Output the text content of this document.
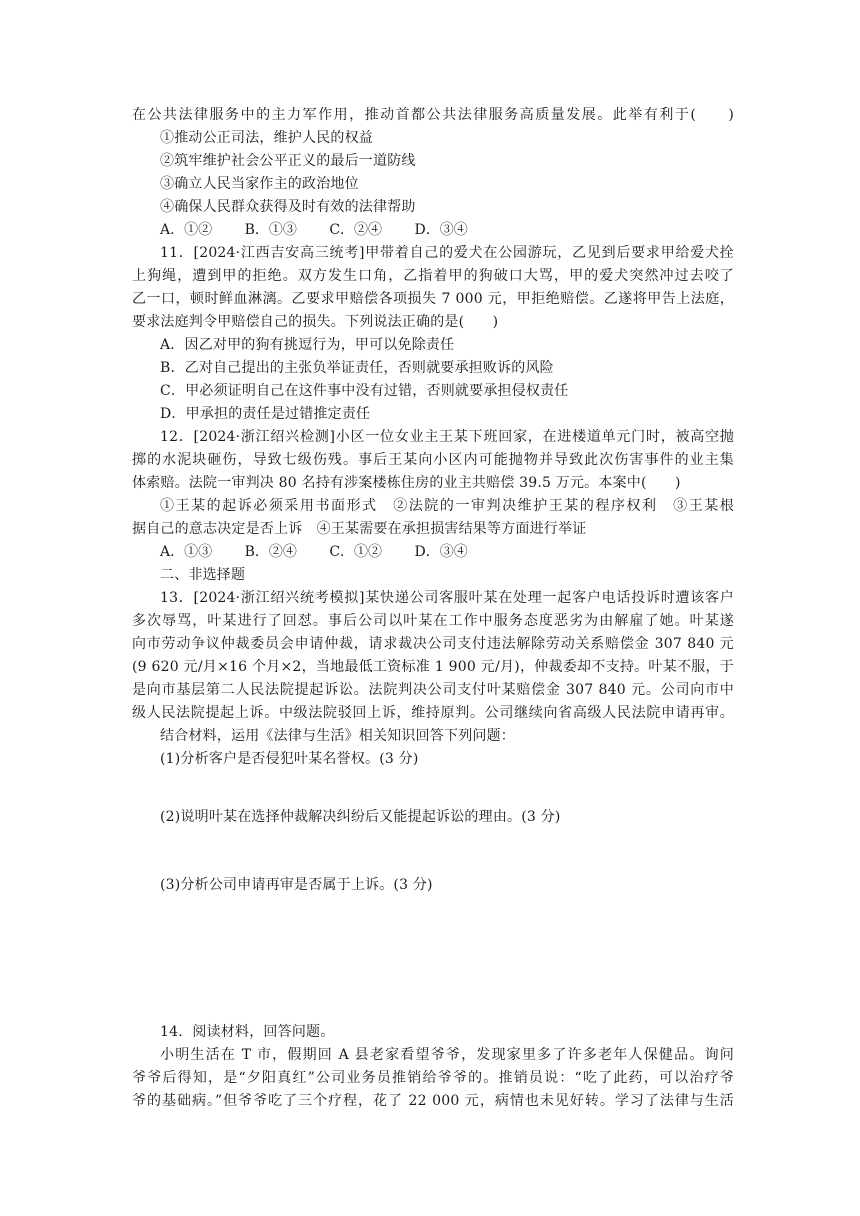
在公共法律服务中的主力军作用，推动首都公共法律服务高质量发展。此举有利于(　　)
①推动公正司法，维护人民的权益
②筑牢维护社会公平正义的最后一道防线
③确立人民当家作主的政治地位
④确保人民群众获得及时有效的法律帮助
A．①② B．①③ C．②④ D．③④
11．[2024·江西吉安高三统考]甲带着自己的爱犬在公园游玩，乙见到后要求甲给爱犬拴
上狗绳，遭到甲的拒绝。双方发生口角，乙指着甲的狗破口大骂，甲的爱犬突然冲过去咬了
乙一口，顿时鲜血淋漓。乙要求甲赔偿各项损失 7 000 元，甲拒绝赔偿。乙遂将甲告上法庭，
要求法庭判令甲赔偿自己的损失。下列说法正确的是(　　)
A．因乙对甲的狗有挑逗行为，甲可以免除责任
B．乙对自己提出的主张负举证责任，否则就要承担败诉的风险
C．甲必须证明自己在这件事中没有过错，否则就要承担侵权责任
D．甲承担的责任是过错推定责任
12．[2024·浙江绍兴检测]小区一位女业主王某下班回家，在进楼道单元门时，被高空抛
掷的水泥块砸伤，导致七级伤残。事后王某向小区内可能抛物并导致此次伤害事件的业主集
体索赔。法院一审判决 80 名持有涉案楼栋住房的业主共赔偿 39.5 万元。本案中(　　)
①王某的起诉必须采用书面形式　②法院的一审判决维护王某的程序权利　③王某根
据自己的意志决定是否上诉　④王某需要在承担损害结果等方面进行举证
A．①③ B．②④ C．①② D．③④
二、非选择题
13．[2024·浙江绍兴统考模拟]某快递公司客服叶某在处理一起客户电话投诉时遭该客户
多次辱骂，叶某进行了回怼。事后公司以叶某在工作中服务态度恶劣为由解雇了她。叶某遂
向市劳动争议仲裁委员会申请仲裁，请求裁决公司支付违法解除劳动关系赔偿金 307 840 元
(9 620 元/月×16 个月×2，当地最低工资标准 1 900 元/月)，仲裁委却不支持。叶某不服，于
是向市基层第二人民法院提起诉讼。法院判决公司支付叶某赔偿金 307 840 元。公司向市中
级人民法院提起上诉。中级法院驳回上诉，维持原判。公司继续向省高级人民法院申请再审。
结合材料，运用《法律与生活》相关知识回答下列问题：
(1)分析客户是否侵犯叶某名誉权。(3 分)
(2)说明叶某在选择仲裁解决纠纷后又能提起诉讼的理由。(3 分)
(3)分析公司申请再审是否属于上诉。(3 分)
14．阅读材料，回答问题。
小明生活在 T 市，假期回 A 县老家看望爷爷，发现家里多了许多老年人保健品。询问
爷爷后得知，是“夕阳真红”公司业务员推销给爷爷的。推销员说：“吃了此药，可以治疗爷
爷的基础病。”但爷爷吃了三个疗程，花了 22 000 元，病情也未见好转。学习了法律与生活
